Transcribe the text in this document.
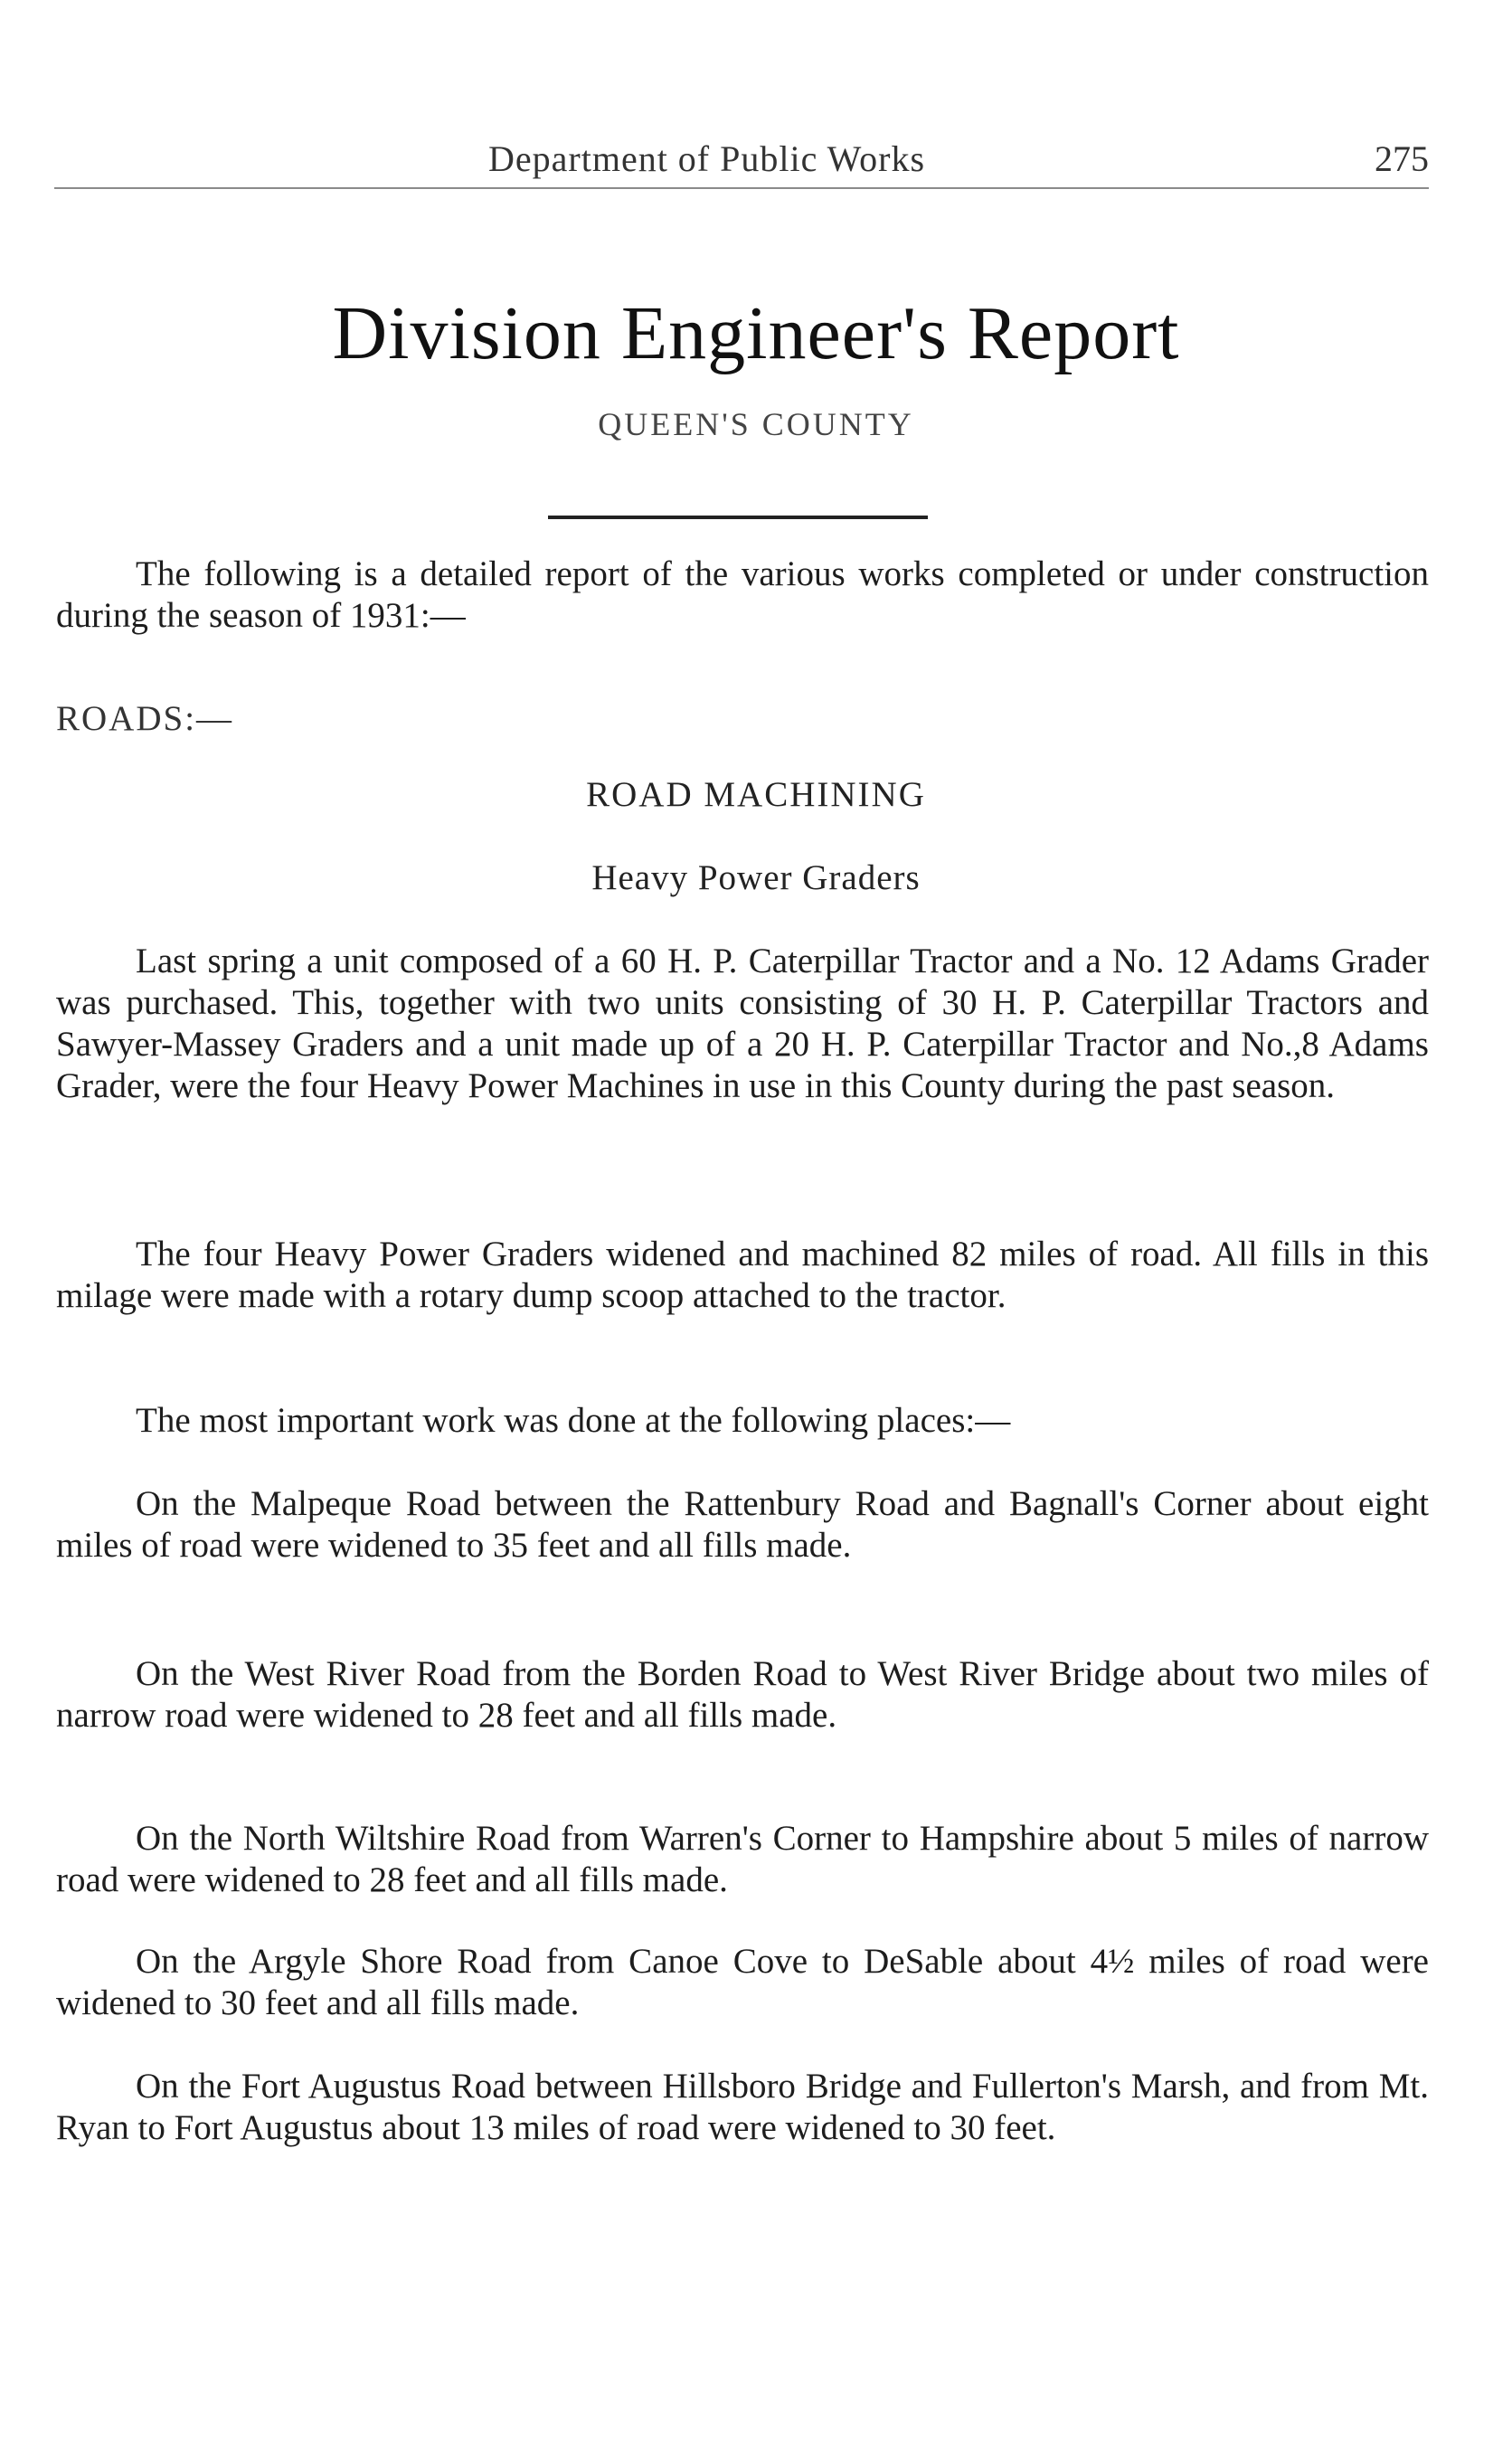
Department of Public Works	275
Division Engineer's Report
QUEEN'S COUNTY

The following is a detailed report of the various works completed or under construction during the season of 1931:—

ROADS:—
ROAD MACHINING
Heavy Power Graders

Last spring a unit composed of a 60 H. P. Caterpillar Tractor and a No. 12 Adams Grader was purchased. This, together with two units consisting of 30 H. P. Caterpillar Tractors and Sawyer-Massey Graders and a unit made up of a 20 H. P. Caterpillar Tractor and No.,8 Adams Grader, were the four Heavy Power Machines in use in this County during the past season.

The four Heavy Power Graders widened and machined 82 miles of road. All fills in this milage were made with a rotary dump scoop attached to the tractor.

The most important work was done at the following places:—

On the Malpeque Road between the Rattenbury Road and Bagnall's Corner about eight miles of road were widened to 35 feet and all fills made.

On the West River Road from the Borden Road to West River Bridge about two miles of narrow road were widened to 28 feet and all fills made.

On the North Wiltshire Road from Warren's Corner to Hampshire about 5 miles of narrow road were widened to 28 feet and all fills made.

On the Argyle Shore Road from Canoe Cove to DeSable about 4½ miles of road were widened to 30 feet and all fills made.

On the Fort Augustus Road between Hillsboro Bridge and Fullerton's Marsh, and from Mt. Ryan to Fort Augustus about 13 miles of road were widened to 30 feet.
